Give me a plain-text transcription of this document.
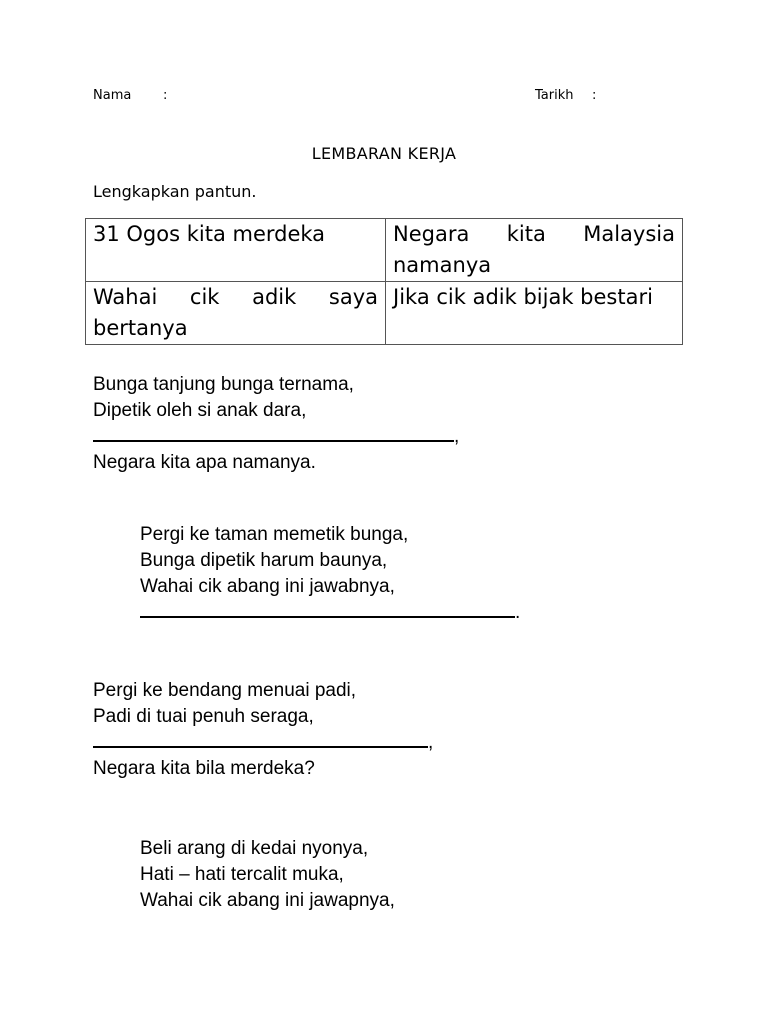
Nama :	Tarikh :
LEMBARAN KERJA
Lengkapkan pantun.
31 Ogos kita merdeka	Negara kita Malaysia namanya
Wahai cik adik saya bertanya	Jika cik adik bijak bestari
Bunga tanjung bunga ternama,
Dipetik oleh si anak dara,
,
Negara kita apa namanya.
Pergi ke taman memetik bunga,
Bunga dipetik harum baunya,
Wahai cik abang ini jawabnya,
.
Pergi ke bendang menuai padi,
Padi di tuai penuh seraga,
,
Negara kita bila merdeka?
Beli arang di kedai nyonya,
Hati – hati tercalit muka,
Wahai cik abang ini jawapnya,
